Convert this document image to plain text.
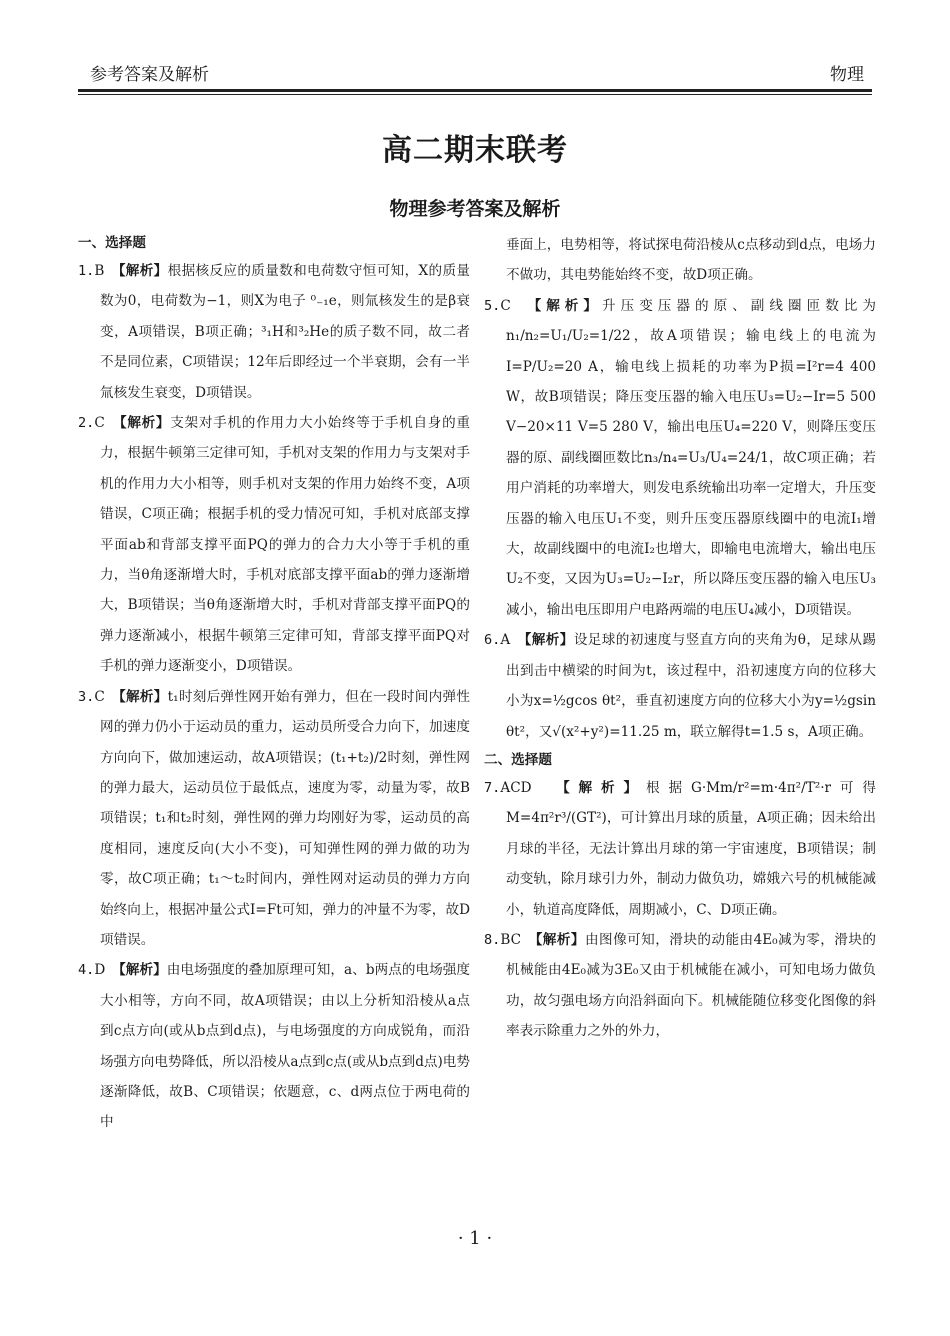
参考答案及解析	物理
高二期末联考
物理参考答案及解析
一、选择题

1.B　 【解析】根据核反应的质量数和电荷数守恒可知，X的质量数为0，电荷数为−1，则X为电子 ⁰₋₁e，则氚核发生的是β衰变，A项错误，B项正确；³₁H和³₂He的质子数不同，故二者不是同位素，C项错误；12年后即经过一个半衰期，会有一半氚核发生衰变，D项错误。

2.C　 【解析】支架对手机的作用力大小始终等于手机自身的重力，根据牛顿第三定律可知，手机对支架的作用力与支架对手机的作用力大小相等，则手机对支架的作用力始终不变，A项错误，C项正确；根据手机的受力情况可知，手机对底部支撑平面ab和背部支撑平面PQ的弹力的合力大小等于手机的重力，当θ角逐渐增大时，手机对底部支撑平面ab的弹力逐渐增大，B项错误；当θ角逐渐增大时，手机对背部支撑平面PQ的弹力逐渐减小，根据牛顿第三定律可知，背部支撑平面PQ对手机的弹力逐渐变小，D项错误。

3.C　 【解析】t₁时刻后弹性网开始有弹力，但在一段时间内弹性网的弹力仍小于运动员的重力，运动员所受合力向下，加速度方向向下，做加速运动，故A项错误；(t₁+t₂)/2时刻，弹性网的弹力最大，运动员位于最低点，速度为零，动量为零，故B项错误；t₁和t₂时刻，弹性网的弹力均刚好为零，运动员的高度相同，速度反向(大小不变)，可知弹性网的弹力做的功为零，故C项正确；t₁～t₂时间内，弹性网对运动员的弹力方向始终向上，根据冲量公式I=Ft可知，弹力的冲量不为零，故D项错误。

4.D　 【解析】由电场强度的叠加原理可知，a、b两点的电场强度大小相等，方向不同，故A项错误；由以上分析知沿棱从a点到c点方向(或从b点到d点)，与电场强度的方向成锐角，而沿场强方向电势降低，所以沿棱从a点到c点(或从b点到d点)电势逐渐降低，故B、C项错误；依题意，c、d两点位于两电荷的中

垂面上，电势相等，将试探电荷沿棱从c点移动到d点，电场力不做功，其电势能始终不变，故D项正确。

5.C　 【解析】升压变压器的原、副线圈匝数比为n₁/n₂=U₁/U₂=1/22，故A项错误；输电线上的电流为I=P/U₂=20 A，输电线上损耗的功率为P损=I²r=4 400 W，故B项错误；降压变压器的输入电压U₃=U₂−Ir=5 500 V−20×11 V=5 280 V，输出电压U₄=220 V，则降压变压器的原、副线圈匝数比n₃/n₄=U₃/U₄=24/1，故C项正确；若用户消耗的功率增大，则发电系统输出功率一定增大，升压变压器的输入电压U₁不变，则升压变压器原线圈中的电流I₁增大，故副线圈中的电流I₂也增大，即输电电流增大，输出电压U₂不变，又因为U₃=U₂−I₂r，所以降压变压器的输入电压U₃减小，输出电压即用户电路两端的电压U₄减小，D项错误。

6.A　 【解析】设足球的初速度与竖直方向的夹角为θ，足球从踢出到击中横梁的时间为t，该过程中，沿初速度方向的位移大小为x=½gcos θt²，垂直初速度方向的位移大小为y=½gsin θt²，又√(x²+y²)=11.25 m，联立解得t=1.5 s，A项正确。

二、选择题

7.ACD　 【解析】根据G·Mm/r²=m·4π²/T²·r可得M=4π²r³/(GT²)，可计算出月球的质量，A项正确；因未给出月球的半径，无法计算出月球的第一宇宙速度，B项错误；制动变轨，除月球引力外，制动力做负功，嫦娥六号的机械能减小，轨道高度降低，周期减小，C、D项正确。

8.BC　 【解析】由图像可知，滑块的动能由4E₀减为零，滑块的机械能由4E₀减为3E₀又由于机械能在减小，可知电场力做负功，故匀强电场方向沿斜面向下。机械能随位移变化图像的斜率表示除重力之外的外力，

· 1 ·
